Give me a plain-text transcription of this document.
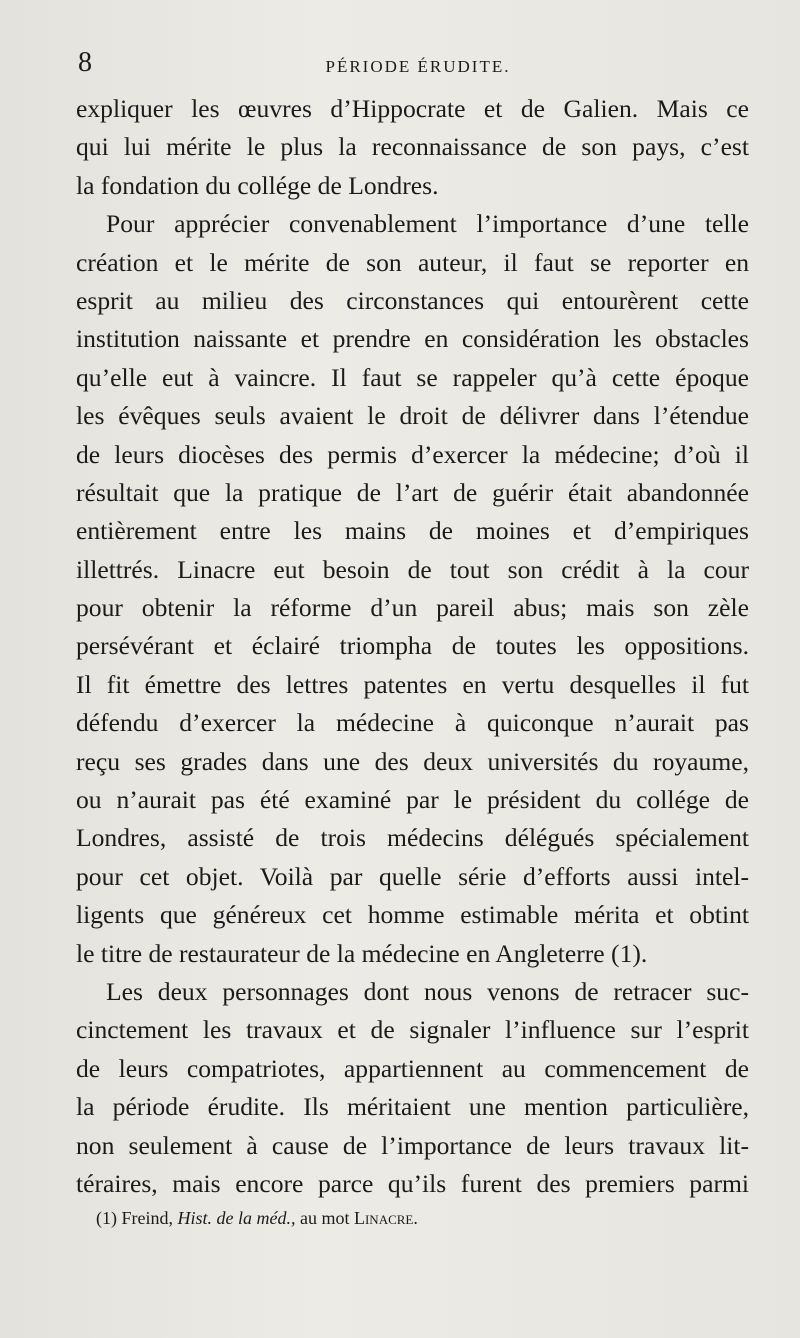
8	PÉRIODE ÉRUDITE.
expliquer les œuvres d’Hippocrate et de Galien. Mais ce
qui lui mérite le plus la reconnaissance de son pays, c’est
la fondation du collége de Londres.
Pour apprécier convenablement l’importance d’une telle
création et le mérite de son auteur, il faut se reporter en
esprit au milieu des circonstances qui entourèrent cette
institution naissante et prendre en considération les obstacles
qu’elle eut à vaincre. Il faut se rappeler qu’à cette époque
les évêques seuls avaient le droit de délivrer dans l’étendue
de leurs diocèses des permis d’exercer la médecine; d’où il
résultait que la pratique de l’art de guérir était abandonnée
entièrement entre les mains de moines et d’empiriques
illettrés. Linacre eut besoin de tout son crédit à la cour
pour obtenir la réforme d’un pareil abus; mais son zèle
persévérant et éclairé triompha de toutes les oppositions.
Il fit émettre des lettres patentes en vertu desquelles il fut
défendu d’exercer la médecine à quiconque n’aurait pas
reçu ses grades dans une des deux universités du royaume,
ou n’aurait pas été examiné par le président du collége de
Londres, assisté de trois médecins délégués spécialement
pour cet objet. Voilà par quelle série d’efforts aussi intel-
ligents que généreux cet homme estimable mérita et obtint
le titre de restaurateur de la médecine en Angleterre (1).
Les deux personnages dont nous venons de retracer suc-
cinctement les travaux et de signaler l’influence sur l’esprit
de leurs compatriotes, appartiennent au commencement de
la période érudite. Ils méritaient une mention particulière,
non seulement à cause de l’importance de leurs travaux lit-
téraires, mais encore parce qu’ils furent des premiers parmi
(1) Freind, Hist. de la méd., au mot Linacre.
